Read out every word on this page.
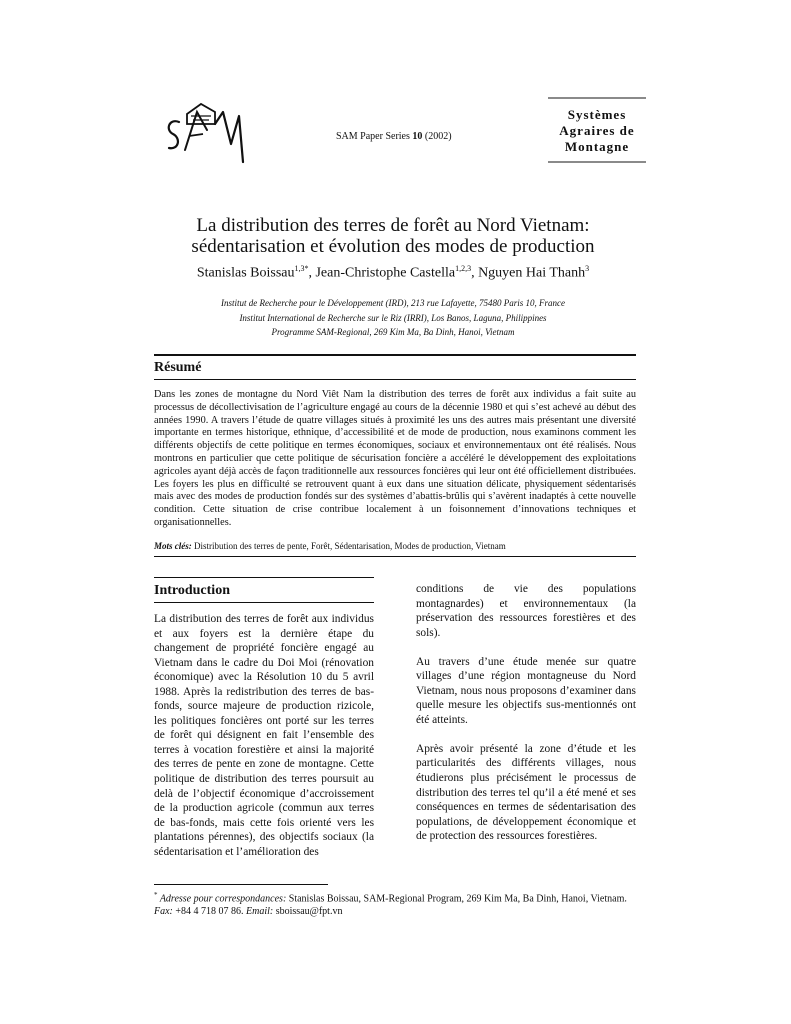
SAM Paper Series 10 (2002)
Systèmes
Agraires de
Montagne
La distribution des terres de forêt au Nord Vietnam:
sédentarisation et évolution des modes de production
Stanislas Boissau$^{1,3*}$, Jean-Christophe Castella$^{1,2,3}$, Nguyen Hai Thanh$^3$
Institut de Recherche pour le Développement (IRD), 213 rue Lafayette, 75480 Paris 10, France
Institut International de Recherche sur le Riz (IRRI), Los Banos, Laguna, Philippines
Programme SAM-Regional, 269 Kim Ma, Ba Dinh, Hanoi, Vietnam
Résumé
Dans les zones de montagne du Nord Viêt Nam la distribution des terres de forêt aux individus a fait suite au processus de décollectivisation de l’agriculture engagé au cours de la décennie 1980 et qui s’est achevé au début des années 1990. A travers l’étude de quatre villages situés à proximité les uns des autres mais présentant une diversité importante en termes historique, ethnique, d’accessibilité et de mode de production, nous examinons comment les différents objectifs de cette politique en termes économiques, sociaux et environnementaux ont été réalisés. Nous montrons en particulier que cette politique de sécurisation foncière a accéléré le développement des exploitations agricoles ayant déjà accès de façon traditionnelle aux ressources foncières qui leur ont été officiellement distribuées. Les foyers les plus en difficulté se retrouvent quant à eux dans une situation délicate, physiquement sédentarisés mais avec des modes de production fondés sur des systèmes d’abattis-brûlis qui s’avèrent inadaptés à cette nouvelle condition. Cette situation de crise contribue localement à un foisonnement d’innovations techniques et organisationnelles.
Mots clés: Distribution des terres de pente, Forêt, Sédentarisation, Modes de production, Vietnam
Introduction

La distribution des terres de forêt aux individus et aux foyers est la dernière étape du changement de propriété foncière engagé au Vietnam dans le cadre du Doi Moi (rénovation économique) avec la Résolution 10 du 5 avril 1988. Après la redistribution des terres de bas-fonds, source majeure de production rizicole, les politiques foncières ont porté sur les terres de forêt qui désignent en fait l’ensemble des terres à vocation forestière et ainsi la majorité des terres de pente en zone de montagne. Cette politique de distribution des terres poursuit au delà de l’objectif économique d’accroissement de la production agricole (commun aux terres de bas-fonds, mais cette fois orienté vers les plantations pérennes), des objectifs sociaux (la sédentarisation et l’amélioration des

conditions de vie des populations montagnardes) et environnementaux (la préservation des ressources forestières et des sols).

Au travers d’une étude menée sur quatre villages d’une région montagneuse du Nord Vietnam, nous nous proposons d’examiner dans quelle mesure les objectifs sus-mentionnés ont été atteints.

Après avoir présenté la zone d’étude et les particularités des différents villages, nous étudierons plus précisément le processus de distribution des terres tel qu’il a été mené et ses conséquences en termes de sédentarisation des populations, de développement économique et de protection des ressources forestières.

* Adresse pour correspondances: Stanislas Boissau, SAM-Regional Program, 269 Kim Ma, Ba Dinh, Hanoi, Vietnam. Fax: +84 4 718 07 86. Email: sboissau@fpt.vn
